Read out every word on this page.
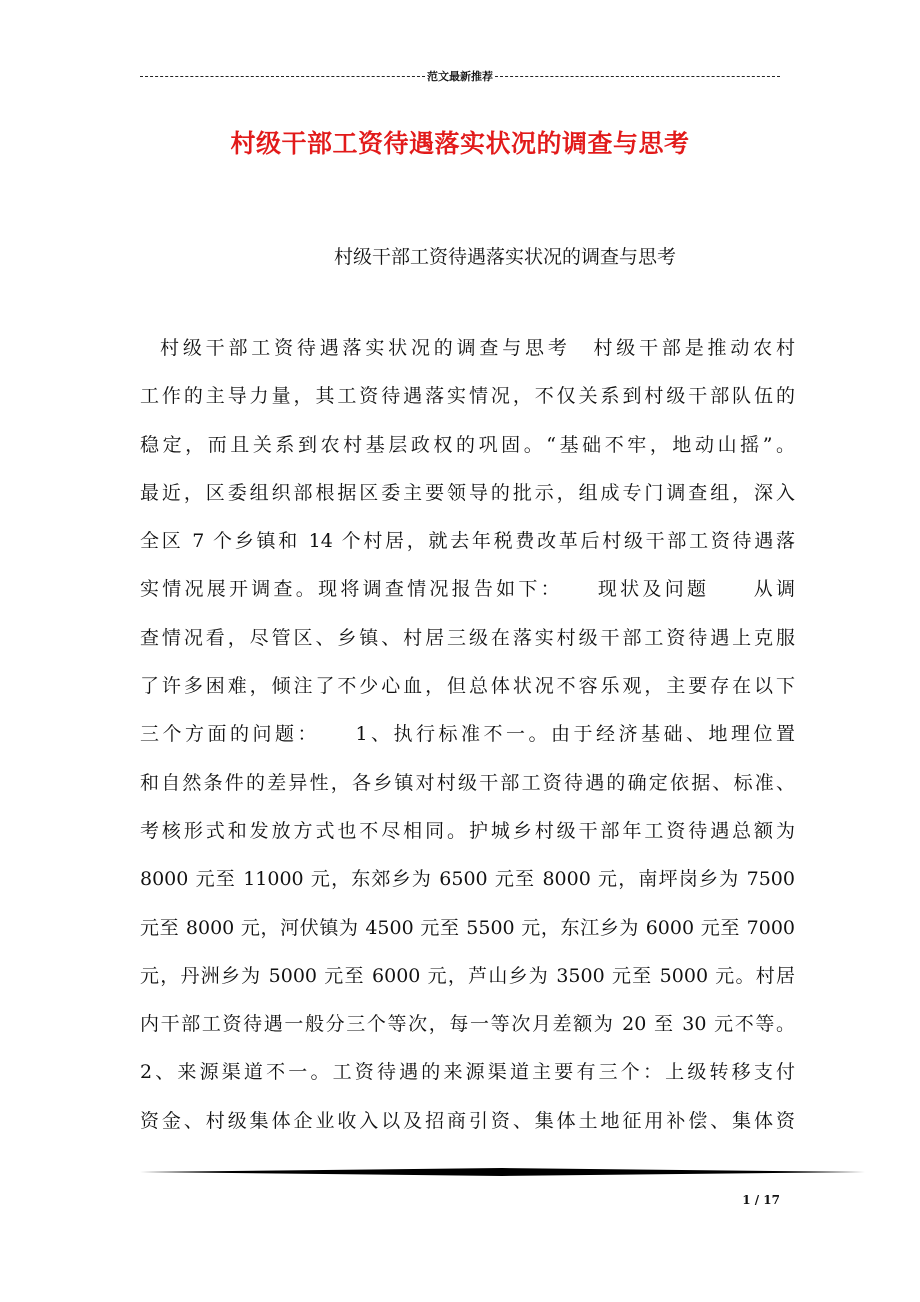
范文最新推荐
村级干部工资待遇落实状况的调查与思考
村级干部工资待遇落实状况的调查与思考
村级干部工资待遇落实状况的调查与思考　村级干部是推动农村
工作的主导力量，其工资待遇落实情况，不仅关系到村级干部队伍的
稳定，而且关系到农村基层政权的巩固。“基础不牢，地动山摇”。
最近，区委组织部根据区委主要领导的批示，组成专门调查组，深入
全区 7 个乡镇和 14 个村居，就去年税费改革后村级干部工资待遇落
实情况展开调查。现将调查情况报告如下：　　现状及问题　　从调
查情况看，尽管区、乡镇、村居三级在落实村级干部工资待遇上克服
了许多困难，倾注了不少心血，但总体状况不容乐观，主要存在以下
三个方面的问题：　　1、执行标准不一。由于经济基础、地理位置
和自然条件的差异性，各乡镇对村级干部工资待遇的确定依据、标准、
考核形式和发放方式也不尽相同。护城乡村级干部年工资待遇总额为
8000 元至 11000 元，东郊乡为 6500 元至 8000 元，南坪岗乡为 7500
元至 8000 元，河伏镇为 4500 元至 5500 元，东江乡为 6000 元至 7000
元，丹洲乡为 5000 元至 6000 元，芦山乡为 3500 元至 5000 元。村居
内干部工资待遇一般分三个等次，每一等次月差额为 20 至 30 元不等。
2、来源渠道不一。工资待遇的来源渠道主要有三个：上级转移支付
资金、村级集体企业收入以及招商引资、集体土地征用补偿、集体资
1 / 17
